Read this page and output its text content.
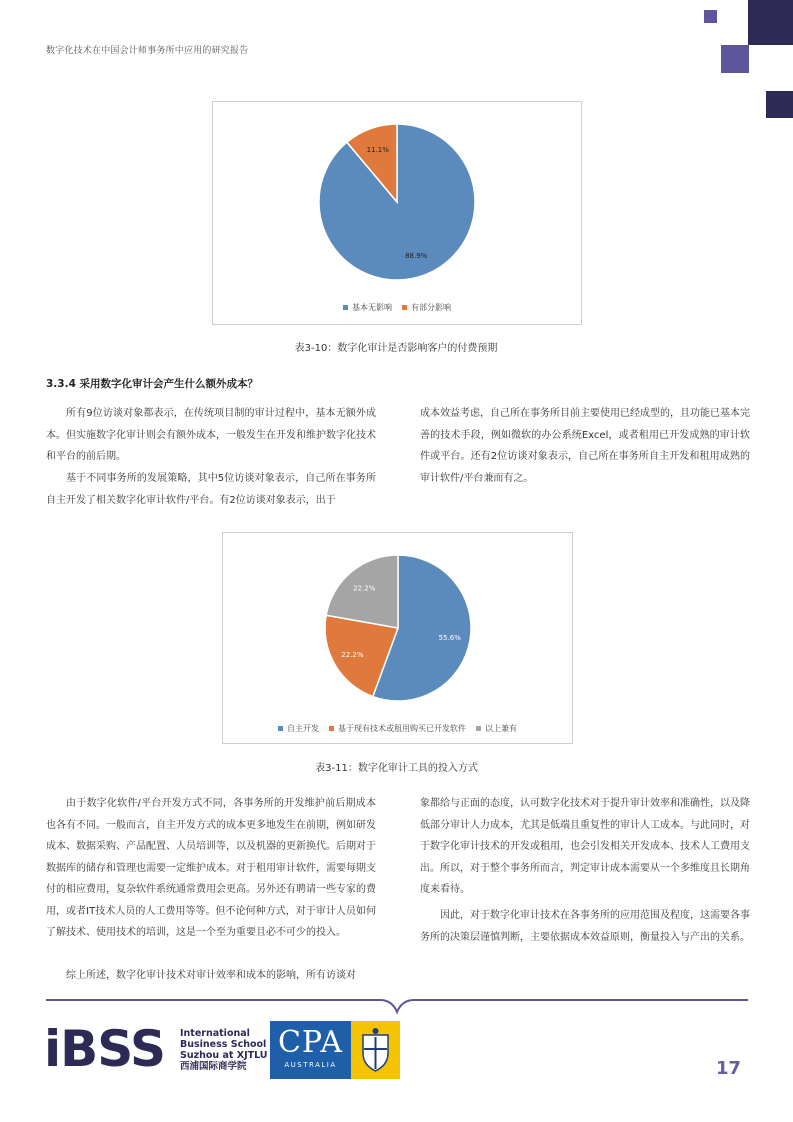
数字化技术在中国会计师事务所中应用的研究报告
88.9%
11.1%
基本无影响 有部分影响
表3-10：数字化审计是否影响客户的付费预期
3.3.4 采用数字化审计会产生什么额外成本？

所有9位访谈对象都表示，在传统项目制的审计过程中，基本无额外成本。但实施数字化审计则会有额外成本，一般发生在开发和维护数字化技术和平台的前后期。

基于不同事务所的发展策略，其中5位访谈对象表示，自己所在事务所自主开发了相关数字化审计软件/平台。有2位访谈对象表示，出于

成本效益考虑，自己所在事务所目前主要使用已经成型的，且功能已基本完善的技术手段，例如微软的办公系统Excel，或者租用已开发成熟的审计软件或平台。还有2位访谈对象表示，自己所在事务所自主开发和租用成熟的审计软件/平台兼而有之。

55.6%
22.2%
22.2%
自主开发 基于现有技术或租用购买已开发软件 以上兼有
表3-11：数字化审计工具的投入方式

由于数字化软件/平台开发方式不同，各事务所的开发维护前后期成本也各有不同。一般而言，自主开发方式的成本更多地发生在前期，例如研发成本、数据采购、产品配置、人员培训等，以及机器的更新换代。后期对于数据库的储存和管理也需要一定维护成本。对于租用审计软件，需要每期支付的相应费用，复杂软件系统通常费用会更高。另外还有聘请一些专家的费用，或者IT技术人员的人工费用等等。但不论何种方式，对于审计人员如何了解技术、使用技术的培训，这是一个至为重要且必不可少的投入。

综上所述，数字化审计技术对审计效率和成本的影响，所有访谈对

象都给与正面的态度，认可数字化技术对于提升审计效率和准确性，以及降低部分审计人力成本，尤其是低端且重复性的审计人工成本。与此同时，对于数字化审计技术的开发或租用，也会引发相关开发成本、技术人工费用支出。所以，对于整个事务所而言，判定审计成本需要从一个多维度且长期角度来看待。

因此，对于数字化审计技术在各事务所的应用范围及程度，这需要各事务所的决策层谨慎判断，主要依据成本效益原则，衡量投入与产出的关系。

iBSS International
Business School
Suzhou at XJTLU
西浦国际商学院
CPA
AUSTRALIA	17
